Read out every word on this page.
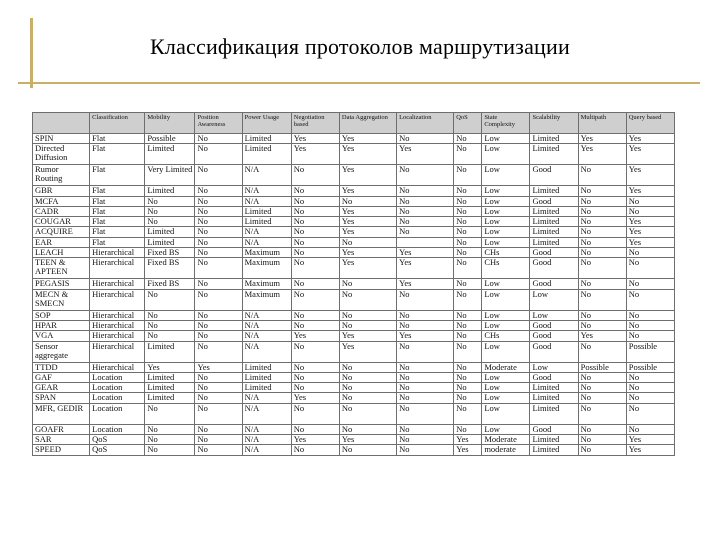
Классификация протоколов маршрутизации
	Classification	Mobility	Position Awareness	Power Usage	Negotiation based	Data Aggregation	Localization	QoS	State Complexity	Scalability	Multipath	Query based
SPIN	Flat	Possible	No	Limited	Yes	Yes	No	No	Low	Limited	Yes	Yes
Directed Diffusion	Flat	Limited	No	Limited	Yes	Yes	Yes	No	Low	Limited	Yes	Yes
Rumor Routing	Flat	Very Limited	No	N/A	No	Yes	No	No	Low	Good	No	Yes
GBR	Flat	Limited	No	N/A	No	Yes	No	No	Low	Limited	No	Yes
MCFA	Flat	No	No	N/A	No	No	No	No	Low	Good	No	No
CADR	Flat	No	No	Limited	No	Yes	No	No	Low	Limited	No	No
COUGAR	Flat	No	No	Limited	No	Yes	No	No	Low	Limited	No	Yes
ACQUIRE	Flat	Limited	No	N/A	No	Yes	No	No	Low	Limited	No	Yes
EAR	Flat	Limited	No	N/A	No	No		No	Low	Limited	No	Yes
LEACH	Hierarchical	Fixed BS	No	Maximum	No	Yes	Yes	No	CHs	Good	No	No
TEEN & APTEEN	Hierarchical	Fixed BS	No	Maximum	No	Yes	Yes	No	CHs	Good	No	No
PEGASIS	Hierarchical	Fixed BS	No	Maximum	No	No	Yes	No	Low	Good	No	No
MECN & SMECN	Hierarchical	No	No	Maximum	No	No	No	No	Low	Low	No	No
SOP	Hierarchical	No	No	N/A	No	No	No	No	Low	Low	No	No
HPAR	Hierarchical	No	No	N/A	No	No	No	No	Low	Good	No	No
VGA	Hierarchical	No	No	N/A	Yes	Yes	Yes	No	CHs	Good	Yes	No
Sensor aggregate	Hierarchical	Limited	No	N/A	No	Yes	No	No	Low	Good	No	Possible
TTDD	Hierarchical	Yes	Yes	Limited	No	No	No	No	Moderate	Low	Possible	Possible
GAF	Location	Limited	No	Limited	No	No	No	No	Low	Good	No	No
GEAR	Location	Limited	No	Limited	No	No	No	No	Low	Limited	No	No
SPAN	Location	Limited	No	N/A	Yes	No	No	No	Low	Limited	No	No
MFR, GEDIR	Location	No	No	N/A	No	No	No	No	Low	Limited	No	No
GOAFR	Location	No	No	N/A	No	No	No	No	Low	Good	No	No
SAR	QoS	No	No	N/A	Yes	Yes	No	Yes	Moderate	Limited	No	Yes
SPEED	QoS	No	No	N/A	No	No	No	Yes	moderate	Limited	No	Yes
